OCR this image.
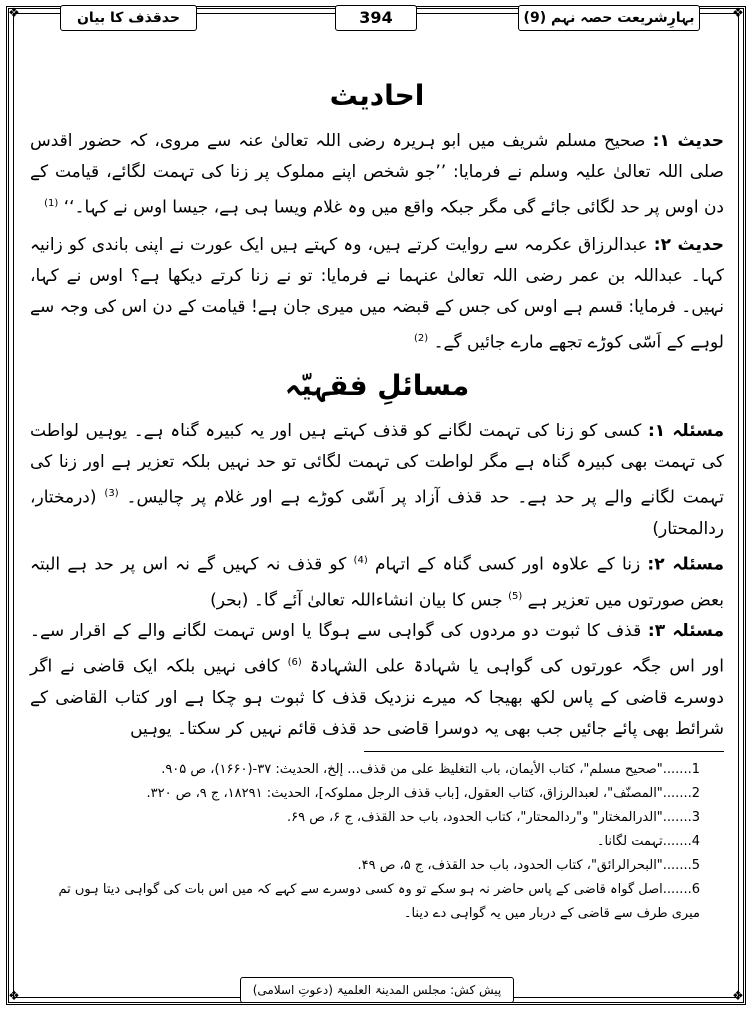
❖	❖
❖	❖
بہارِشریعت حصہ نہم (9)
394
حدقذف کا بیان
احادیث

حدیث ۱: صحیح مسلم شریف میں ابو ہریرہ رضی اللہ تعالیٰ عنہ سے مروی، کہ حضور اقدس صلی اللہ تعالیٰ علیہ وسلم نے فرمایا: ’’جو شخص اپنے مملوک پر زنا کی تہمت لگائے، قیامت کے دن اوس پر حد لگائی جائے گی مگر جبکہ واقع میں وہ غلام ویسا ہی ہے، جیسا اوس نے کہا۔‘‘ $^{(1)}$

حدیث ۲: عبدالرزاق عکرمہ سے روایت کرتے ہیں، وہ کہتے ہیں ایک عورت نے اپنی باندی کو زانیہ کہا۔ عبداللہ بن عمر رضی اللہ تعالیٰ عنہما نے فرمایا: تو نے زنا کرتے دیکھا ہے؟ اوس نے کہا، نہیں۔ فرمایا: قسم ہے اوس کی جس کے قبضہ میں میری جان ہے! قیامت کے دن اس کی وجہ سے لوہے کے اَسّی کوڑے تجھے مارے جائیں گے۔ $^{(2)}$

مسائلِ فقہیّہ

مسئلہ ۱: کسی کو زنا کی تہمت لگانے کو قذف کہتے ہیں اور یہ کبیرہ گناہ ہے۔ یوہیں لواطت کی تہمت بھی کبیرہ گناہ ہے مگر لواطت کی تہمت لگائی تو حد نہیں بلکہ تعزیر ہے اور زنا کی تہمت لگانے والے پر حد ہے۔ حد قذف آزاد پر اَسّی کوڑے ہے اور غلام پر چالیس۔ $^{(3)}$ (درمختار، ردالمحتار)

مسئلہ ۲: زنا کے علاوہ اور کسی گناہ کے اتہام $^{(4)}$ کو قذف نہ کہیں گے نہ اس پر حد ہے البتہ بعض صورتوں میں تعزیر ہے $^{(5)}$ جس کا بیان انشاءاللہ تعالیٰ آئے گا۔ (بحر)

مسئلہ ۳: قذف کا ثبوت دو مردوں کی گواہی سے ہوگا یا اوس تہمت لگانے والے کے اقرار سے۔ اور اس جگہ عورتوں کی گواہی یا شہادۃ علی الشہادۃ $^{(6)}$ کافی نہیں بلکہ ایک قاضی نے اگر دوسرے قاضی کے پاس لکھ بھیجا کہ میرے نزدیک قذف کا ثبوت ہو چکا ہے اور کتاب القاضی کے شرائط بھی پائے جائیں جب بھی یہ دوسرا قاضی حد قذف قائم نہیں کر سکتا۔ یوہیں

1......."صحیح مسلم"، کتاب الأیمان، باب التغلیظ علی من قذف... إلخ، الحدیث: ۳۷-(۱۶۶۰)، ص ۹۰۵.

2......."المصنّف"، لعبدالرزاق، کتاب العقول، [باب قذف الرجل مملوکہ]، الحدیث: ۱۸۲۹۱، ج ۹، ص ۳۲۰.

3......."الدرالمختار" و"ردالمحتار"، کتاب الحدود، باب حد القذف، ج ۶، ص ۶۹.

4.......تہمت لگانا۔

5......."البحرالرائق"، کتاب الحدود، باب حد القذف، ج ۵، ص ۴۹.

6.......اصل گواہ قاضی کے پاس حاضر نہ ہو سکے تو وہ کسی دوسرے سے کہے کہ میں اس بات کی گواہی دیتا ہوں تم میری طرف سے قاضی کے دربار میں یہ گواہی دے دینا۔

پیش کش: مجلس المدینۃ العلمیۃ (دعوتِ اسلامی)
